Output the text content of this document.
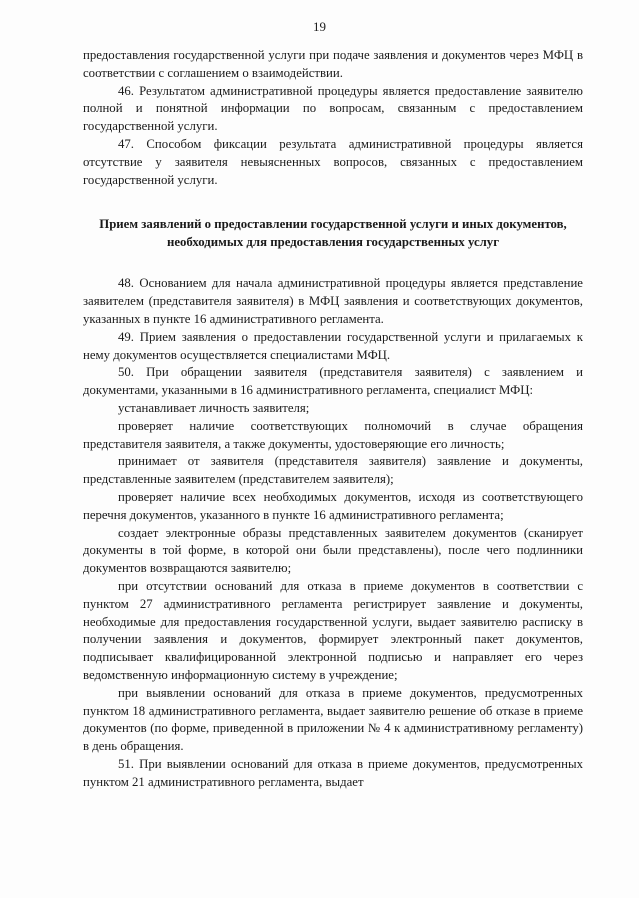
19

предоставления государственной услуги при подаче заявления и документов через МФЦ в соответствии с соглашением о взаимодействии.

46. Результатом административной процедуры является предоставление заявителю полной и понятной информации по вопросам, связанным с предоставлением государственной услуги.

47. Способом фиксации результата административной процедуры является отсутствие у заявителя невыясненных вопросов, связанных с предоставлением государственной услуги.

Прием заявлений о предоставлении государственной услуги и иных документов, необходимых для предоставления государственных услуг

48. Основанием для начала административной процедуры является представление заявителем (представителя заявителя) в МФЦ заявления и соответствующих документов, указанных в пункте 16 административного регламента.

49. Прием заявления о предоставлении государственной услуги и прилагаемых к нему документов осуществляется специалистами МФЦ.

50. При обращении заявителя (представителя заявителя) с заявлением и документами, указанными в 16 административного регламента, специалист МФЦ:

устанавливает личность заявителя;

проверяет наличие соответствующих полномочий в случае обращения представителя заявителя, а также документы, удостоверяющие его личность;

принимает от заявителя (представителя заявителя) заявление и документы, представленные заявителем (представителем заявителя);

проверяет наличие всех необходимых документов, исходя из соответствующего перечня документов, указанного в пункте 16 административного регламента;

создает электронные образы представленных заявителем документов (сканирует документы в той форме, в которой они были представлены), после чего подлинники документов возвращаются заявителю;

при отсутствии оснований для отказа в приеме документов в соответствии с пунктом 27 административного регламента регистрирует заявление и документы, необходимые для предоставления государственной услуги, выдает заявителю расписку в получении заявления и документов, формирует электронный пакет документов, подписывает квалифицированной электронной подписью и направляет его через ведомственную информационную систему в учреждение;

при выявлении оснований для отказа в приеме документов, предусмотренных пунктом 18 административного регламента, выдает заявителю решение об отказе в приеме документов (по форме, приведенной в приложении № 4 к административному регламенту) в день обращения.

51. При выявлении оснований для отказа в приеме документов, предусмотренных пунктом 21 административного регламента, выдает
